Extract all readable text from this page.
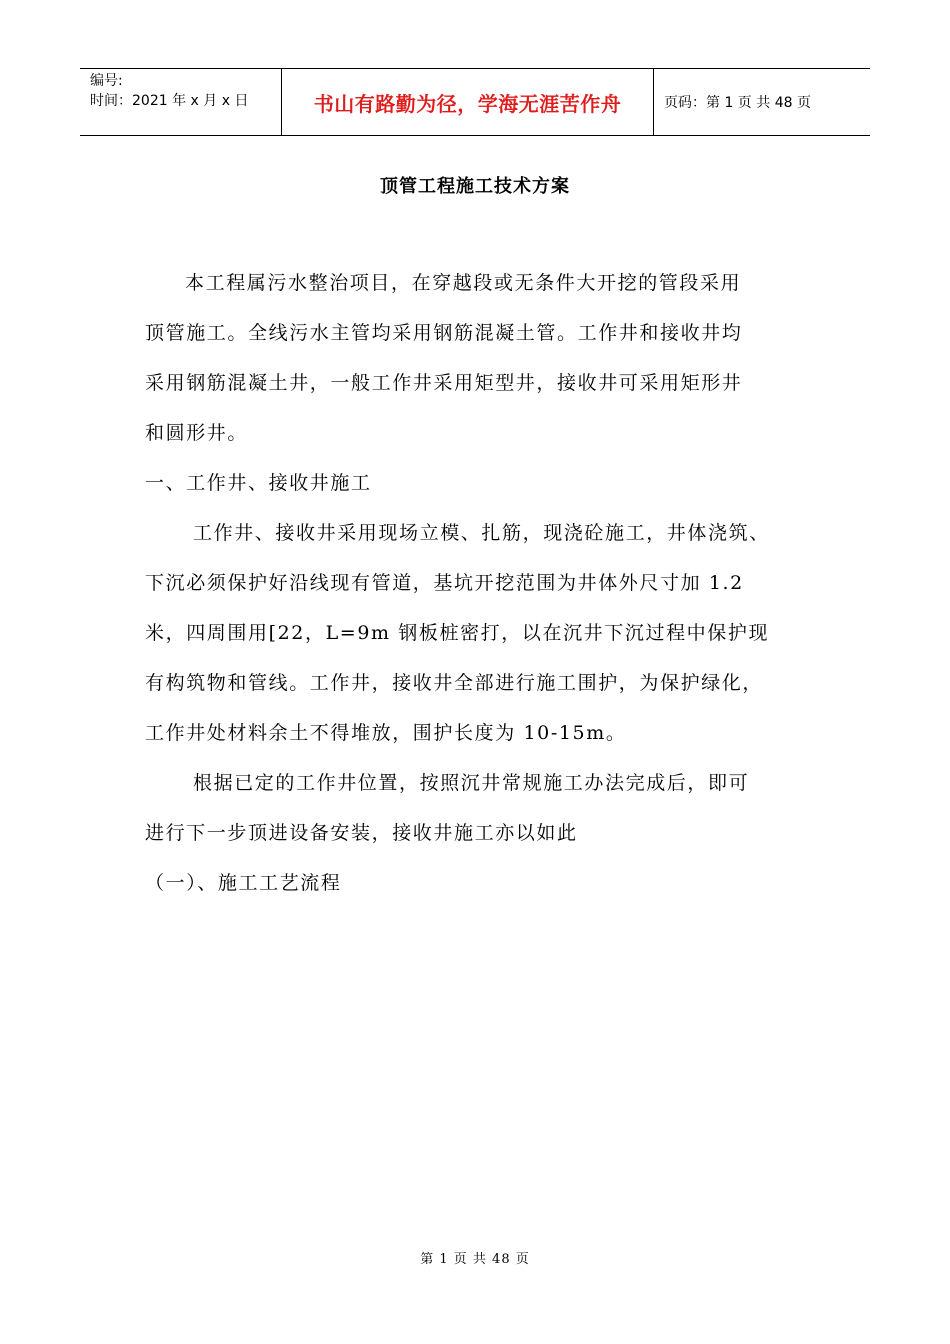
编号:
时间：2021 年 x 月 x 日	书山有路勤为径，学海无涯苦作舟	页码：第 1 页 共 48 页
顶管工程施工技术方案
本工程属污水整治项目，在穿越段或无条件大开挖的管段采用
顶管施工。全线污水主管均采用钢筋混凝土管。工作井和接收井均
采用钢筋混凝土井，一般工作井采用矩型井，接收井可采用矩形井
和圆形井。
一、工作井、接收井施工
工作井、接收井采用现场立模、扎筋，现浇砼施工，井体浇筑、
下沉必须保护好沿线现有管道，基坑开挖范围为井体外尺寸加 1.2
米，四周围用[22，L=9m 钢板桩密打，以在沉井下沉过程中保护现
有构筑物和管线。工作井，接收井全部进行施工围护，为保护绿化，
工作井处材料余土不得堆放，围护长度为 10-15m。
根据已定的工作井位置，按照沉井常规施工办法完成后，即可
进行下一步顶进设备安装，接收井施工亦以如此
（一）、施工工艺流程
第 1 页 共 48 页
